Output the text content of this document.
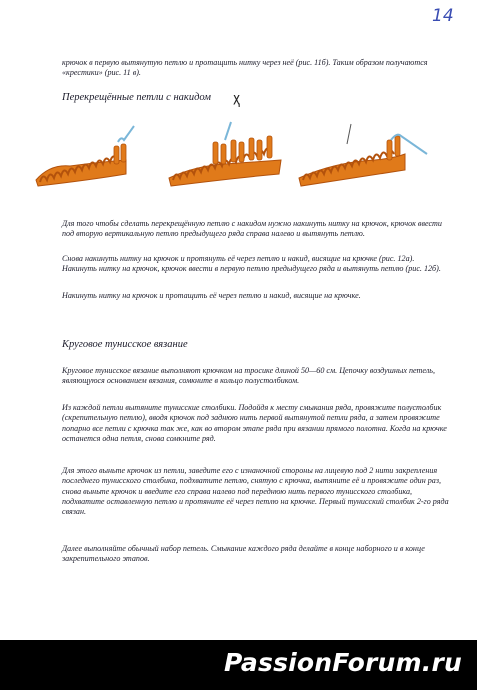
14

крючок в первую вытянутую петлю и протащить нитку через неё (рис. 11б). Таким образом получаются «крестики» (рис. 11 в).

Перекрещённые петли с накидом ҳ

Для того чтобы сделать перекрещённую петлю с накидом нужно накинуть нитку на крючок, крючок ввести под вторую вертикальную петлю предыдущего ряда справа налево и вытянуть петлю.

Снова накинуть нитку на крючок и протянуть её через петлю и накид, висящие на крючке (рис. 12а). Накинуть нитку на крючок, крючок ввести в первую петлю предыдущего ряда и вытянуть петлю (рис. 12б).

Накинуть нитку на крючок и протащить её через петлю и накид, висящие на крючке.

Круговое тунисское вязание

Круговое тунисское вязание выполняют крючком на тросике длиной 50—60 см. Цепочку воздушных петель, являющуюся основанием вязания, сомкните в кольцо полустолбиком.

Из каждой петли вытяните тунисские столбики. Подойдя к месту смыкания ряда, провяжите полустолбик (скрепительную петлю), вводя крючок под заднюю нить первой вытянутой петли ряда, а затем провяжите попарно все петли с крючка так же, как во втором этапе ряда при вязании прямого полотна. Когда на крючке останется одна петля, снова сомкните ряд.

Для этого выньте крючок из петли, заведите его с изнаночной стороны на лицевую под 2 нити закрепления последнего тунисского столбика, подхватите петлю, снятую с крючка, вытяните её и провяжите один раз, снова выньте крючок и введите его справа налево под переднюю нить первого тунисского столбика, подхватите оставленную петлю и протяните её через петлю на крючке. Первый тунисский столбик 2-го ряда связан.

Далее выполняйте обычный набор петель. Смыкание каждого ряда делайте в конце наборного и в конце закрепительного этапов.

PassionForum.ru
